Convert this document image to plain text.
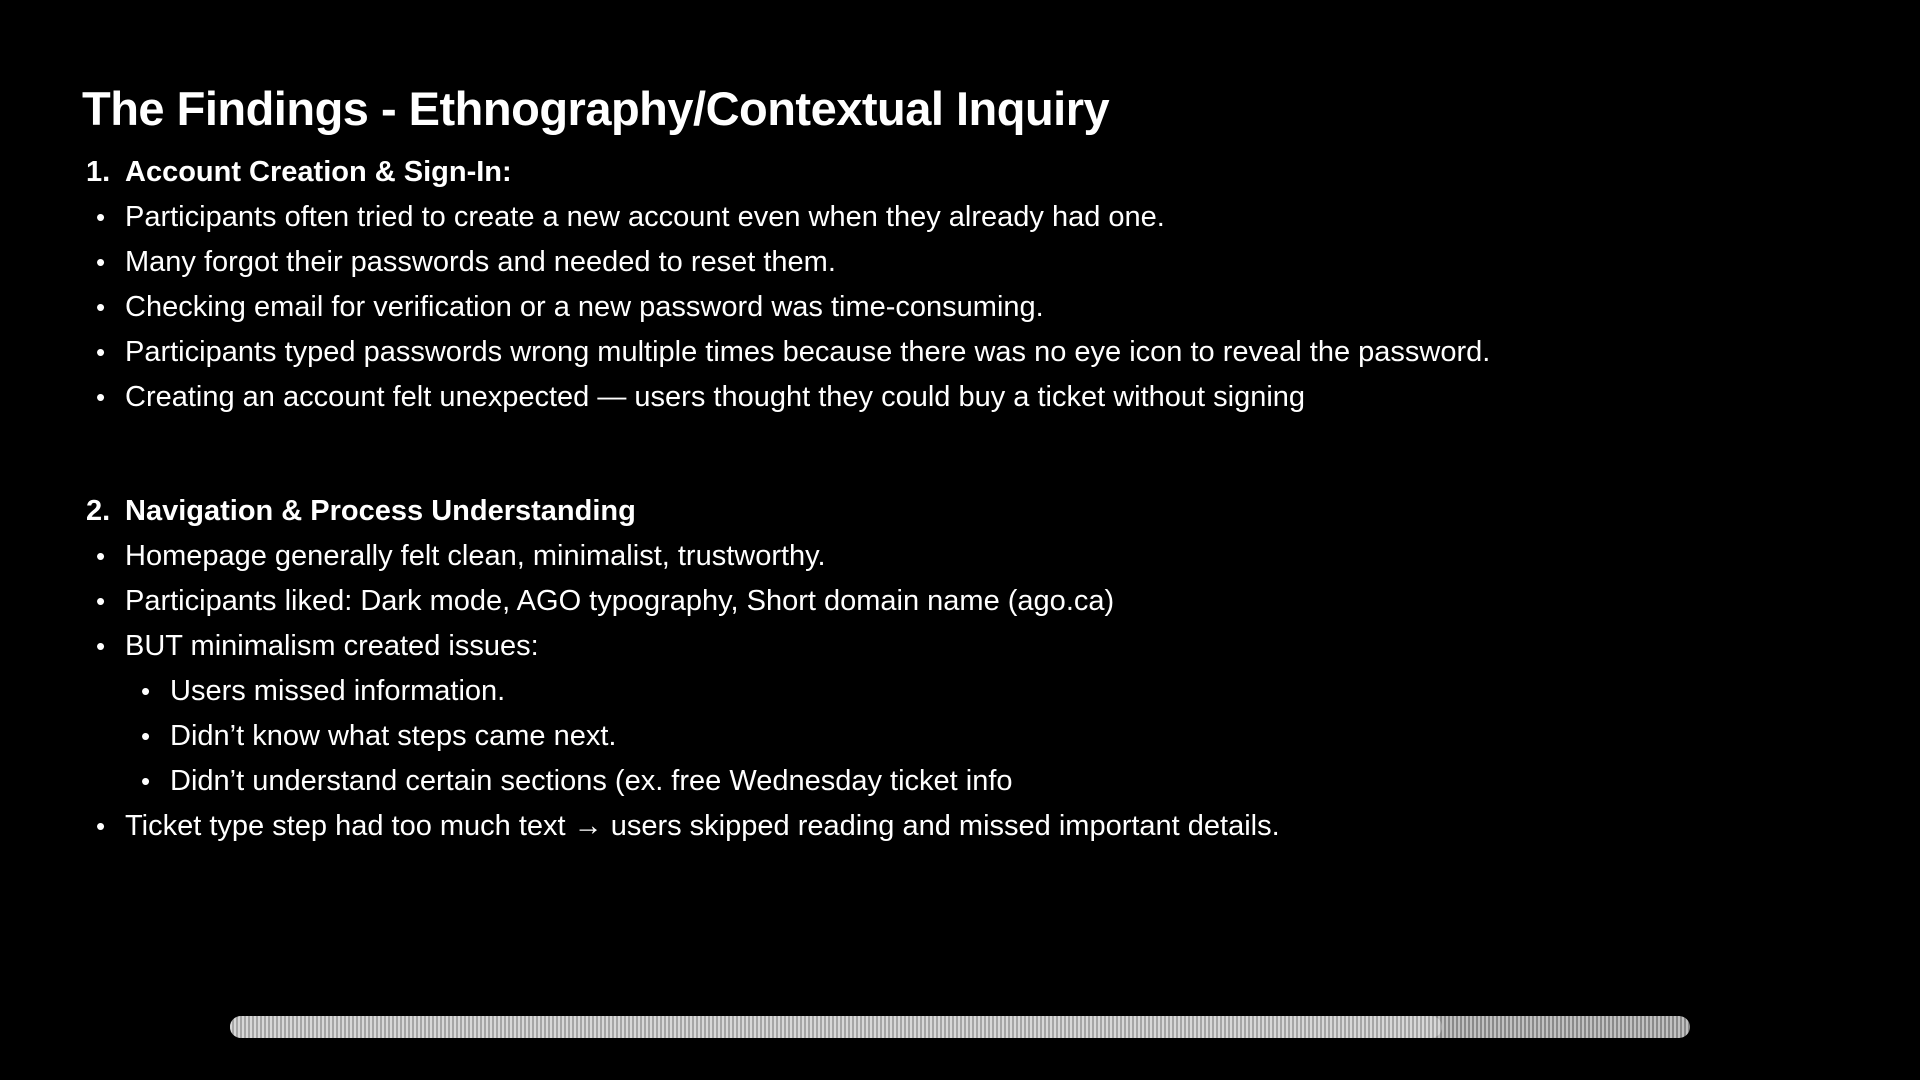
The Findings - Ethnography/Contextual Inquiry
1. Account Creation & Sign-In:
• Participants often tried to create a new account even when they already had one.
• Many forgot their passwords and needed to reset them.
• Checking email for verification or a new password was time-consuming.
• Participants typed passwords wrong multiple times because there was no eye icon to reveal the password.
• Creating an account felt unexpected — users thought they could buy a ticket without signing
2. Navigation & Process Understanding
• Homepage generally felt clean, minimalist, trustworthy.
• Participants liked: Dark mode, AGO typography, Short domain name (ago.ca)
• BUT minimalism created issues:
• Users missed information.
• Didn’t know what steps came next.
• Didn’t understand certain sections (ex. free Wednesday ticket info
• Ticket type step had too much text → users skipped reading and missed important details.
